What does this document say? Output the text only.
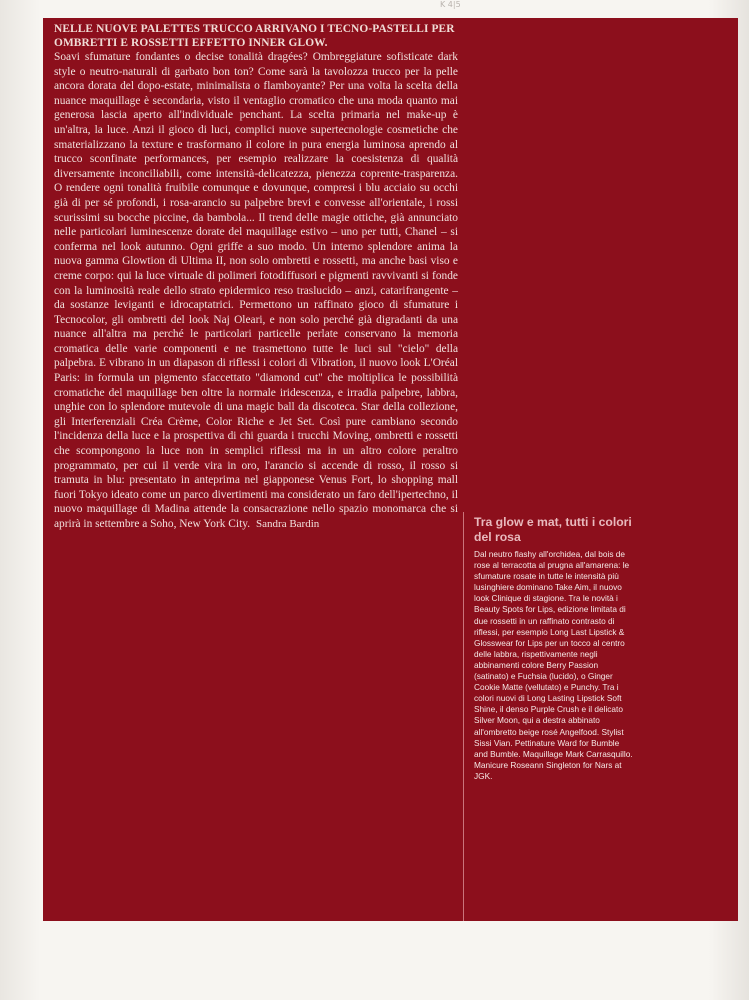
K 4|5
NELLE NUOVE PALETTES TRUCCO ARRIVANO I TECNO-PASTELLI PER OMBRETTI E ROSSETTI EFFETTO INNER GLOW.

Soavi sfumature fondantes o decise tonalità dragées? Ombreggiature sofisticate dark style o neutro-naturali di garbato bon ton? Come sarà la tavolozza trucco per la pelle ancora dorata del dopo-estate, minimalista o flamboyante? Per una volta la scelta della nuance maquillage è secondaria, visto il ventaglio cromatico che una moda quanto mai generosa lascia aperto all'individuale penchant. La scelta primaria nel make-up è un'altra, la luce. Anzi il gioco di luci, complici nuove supertecnologie cosmetiche che smaterializzano la texture e trasformano il colore in pura energia luminosa aprendo al trucco sconfinate performances, per esempio realizzare la coesistenza di qualità diversamente inconciliabili, come intensità-delicatezza, pienezza coprente-trasparenza. O rendere ogni tonalità fruibile comunque e dovunque, compresi i blu acciaio su occhi già di per sé profondi, i rosa-arancio su palpebre brevi e convesse all'orientale, i rossi scurissimi su bocche piccine, da bambola... Il trend delle magie ottiche, già annunciato nelle particolari luminescenze dorate del maquillage estivo – uno per tutti, Chanel – si conferma nel look autunno. Ogni griffe a suo modo. Un interno splendore anima la nuova gamma Glowtion di Ultima II, non solo ombretti e rossetti, ma anche basi viso e creme corpo: qui la luce virtuale di polimeri fotodiffusori e pigmenti ravvivanti si fonde con la luminosità reale dello strato epidermico reso traslucido – anzi, catarifrangente – da sostanze leviganti e idrocaptatrici. Permettono un raffinato gioco di sfumature i Tecnocolor, gli ombretti del look Naj Oleari, e non solo perché già digradanti da una nuance all'altra ma perché le particolari particelle perlate conservano la memoria cromatica delle varie componenti e ne trasmettono tutte le luci sul "cielo" della palpebra. E vibrano in un diapason di riflessi i colori di Vibration, il nuovo look L'Oréal Paris: in formula un pigmento sfaccettato "diamond cut" che moltiplica le possibilità cromatiche del maquillage ben oltre la normale iridescenza, e irradia palpebre, labbra, unghie con lo splendore mutevole di una magic ball da discoteca. Star della collezione, gli Interferenziali Créa Crème, Color Riche e Jet Set. Così pure cambiano secondo l'incidenza della luce e la prospettiva di chi guarda i trucchi Moving, ombretti e rossetti che scompongono la luce non in semplici riflessi ma in un altro colore peraltro programmato, per cui il verde vira in oro, l'arancio si accende di rosso, il rosso si tramuta in blu: presentato in anteprima nel giapponese Venus Fort, lo shopping mall fuori Tokyo ideato come un parco divertimenti ma considerato un faro dell'ipertechno, il nuovo maquillage di Madina attende la consacrazione nello spazio monomarca che si aprirà in settembre a Soho, New York City. Sandra Bardin	Tra glow e mat, tutti i colori del rosa

Dal neutro flashy all'orchidea, dal bois de rose al terracotta al prugna all'amarena: le sfumature rosate in tutte le intensità più lusinghiere dominano Take Aim, il nuovo look Clinique di stagione. Tra le novità i Beauty Spots for Lips, edizione limitata di due rossetti in un raffinato contrasto di riflessi, per esempio Long Last Lipstick & Glosswear for Lips per un tocco al centro delle labbra, rispettivamente negli abbinamenti colore Berry Passion (satinato) e Fuchsia (lucido), o Ginger Cookie Matte (vellutato) e Punchy. Tra i colori nuovi di Long Lasting Lipstick Soft Shine, il denso Purple Crush e il delicato Silver Moon, qui a destra abbinato all'ombretto beige rosé Angelfood. Stylist Sissi Vian. Pettinature Ward for Bumble and Bumble. Maquillage Mark Carrasquillo. Manicure Roseann Singleton for Nars at JGK.
